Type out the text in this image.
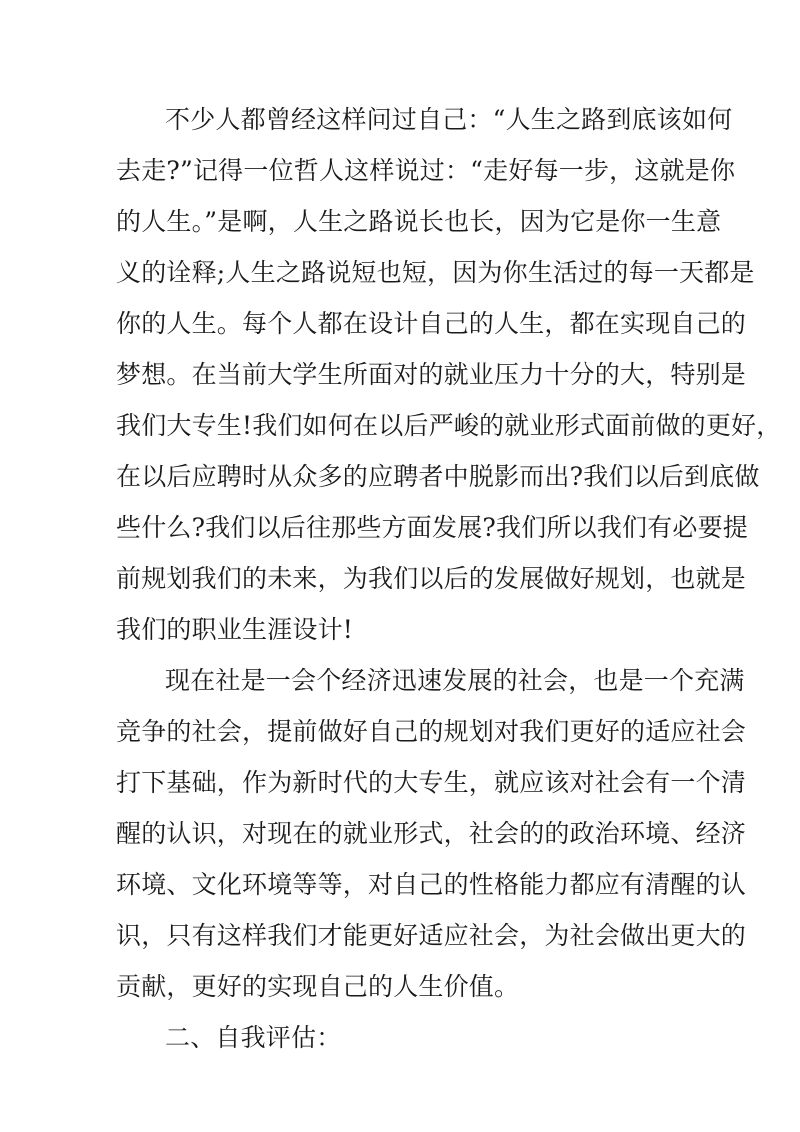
不少人都曾经这样问过自己：“人生之路到底该如何
去走?”记得一位哲人这样说过：“走好每一步，这就是你
的人生。”是啊，人生之路说长也长，因为它是你一生意
义的诠释;人生之路说短也短，因为你生活过的每一天都是
你的人生。每个人都在设计自己的人生，都在实现自己的
梦想。在当前大学生所面对的就业压力十分的大，特别是
我们大专生!我们如何在以后严峻的就业形式面前做的更好，
在以后应聘时从众多的应聘者中脱影而出?我们以后到底做
些什么?我们以后往那些方面发展?我们所以我们有必要提
前规划我们的未来，为我们以后的发展做好规划，也就是
我们的职业生涯设计!
现在社是一会个经济迅速发展的社会，也是一个充满
竞争的社会，提前做好自己的规划对我们更好的适应社会
打下基础，作为新时代的大专生，就应该对社会有一个清
醒的认识，对现在的就业形式，社会的的政治环境、经济
环境、文化环境等等，对自己的性格能力都应有清醒的认
识，只有这样我们才能更好适应社会，为社会做出更大的
贡献，更好的实现自己的人生价值。
二、自我评估：
